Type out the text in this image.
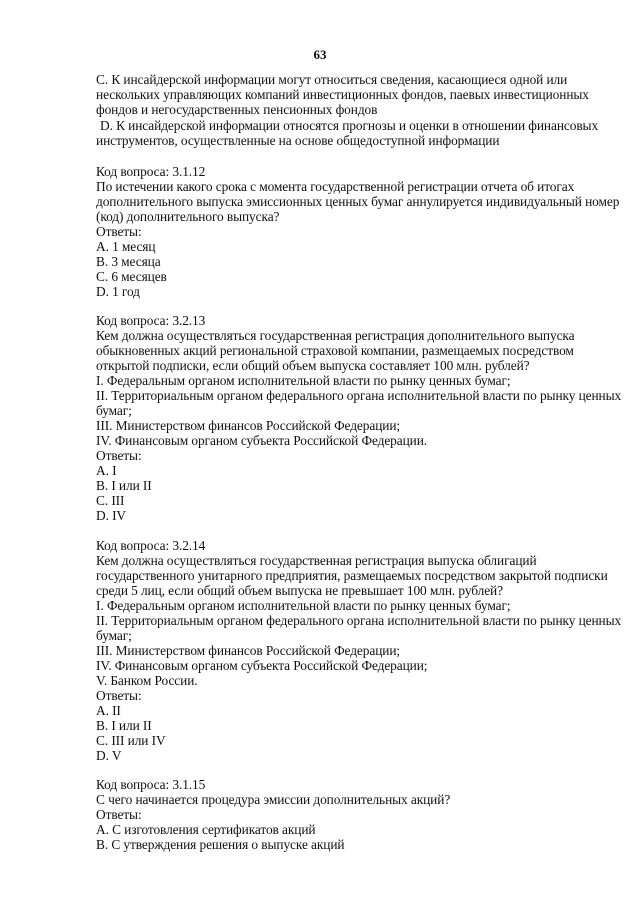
63
C. К инсайдерской информации могут относиться сведения, касающиеся одной или
нескольких управляющих компаний инвестиционных фондов, паевых инвестиционных
фондов и негосударственных пенсионных фондов
D. К инсайдерской информации относятся прогнозы и оценки в отношении финансовых
инструментов, осуществленные на основе общедоступной информации
Код вопроса: 3.1.12
По истечении какого срока с момента государственной регистрации отчета об итогах
дополнительного выпуска эмиссионных ценных бумаг аннулируется индивидуальный номер
(код) дополнительного выпуска?
Ответы:
A. 1 месяц
B. 3 месяца
C. 6 месяцев
D. 1 год
Код вопроса: 3.2.13
Кем должна осуществляться государственная регистрация дополнительного выпуска
обыкновенных акций региональной страховой компании, размещаемых посредством
открытой подписки, если общий объем выпуска составляет 100 млн. рублей?
I. Федеральным органом исполнительной власти по рынку ценных бумаг;
II. Территориальным органом федерального органа исполнительной власти по рынку ценных
бумаг;
III. Министерством финансов Российской Федерации;
IV. Финансовым органом субъекта Российской Федерации.
Ответы:
A. I
B. I или II
C. III
D. IV
Код вопроса: 3.2.14
Кем должна осуществляться государственная регистрация выпуска облигаций
государственного унитарного предприятия, размещаемых посредством закрытой подписки
среди 5 лиц, если общий объем выпуска не превышает 100 млн. рублей?
I. Федеральным органом исполнительной власти по рынку ценных бумаг;
II. Территориальным органом федерального органа исполнительной власти по рынку ценных
бумаг;
III. Министерством финансов Российской Федерации;
IV. Финансовым органом субъекта Российской Федерации;
V. Банком России.
Ответы:
A. II
B. I или II
C. III или IV
D. V
Код вопроса: 3.1.15
С чего начинается процедура эмиссии дополнительных акций?
Ответы:
A. С изготовления сертификатов акций
B. С утверждения решения о выпуске акций
